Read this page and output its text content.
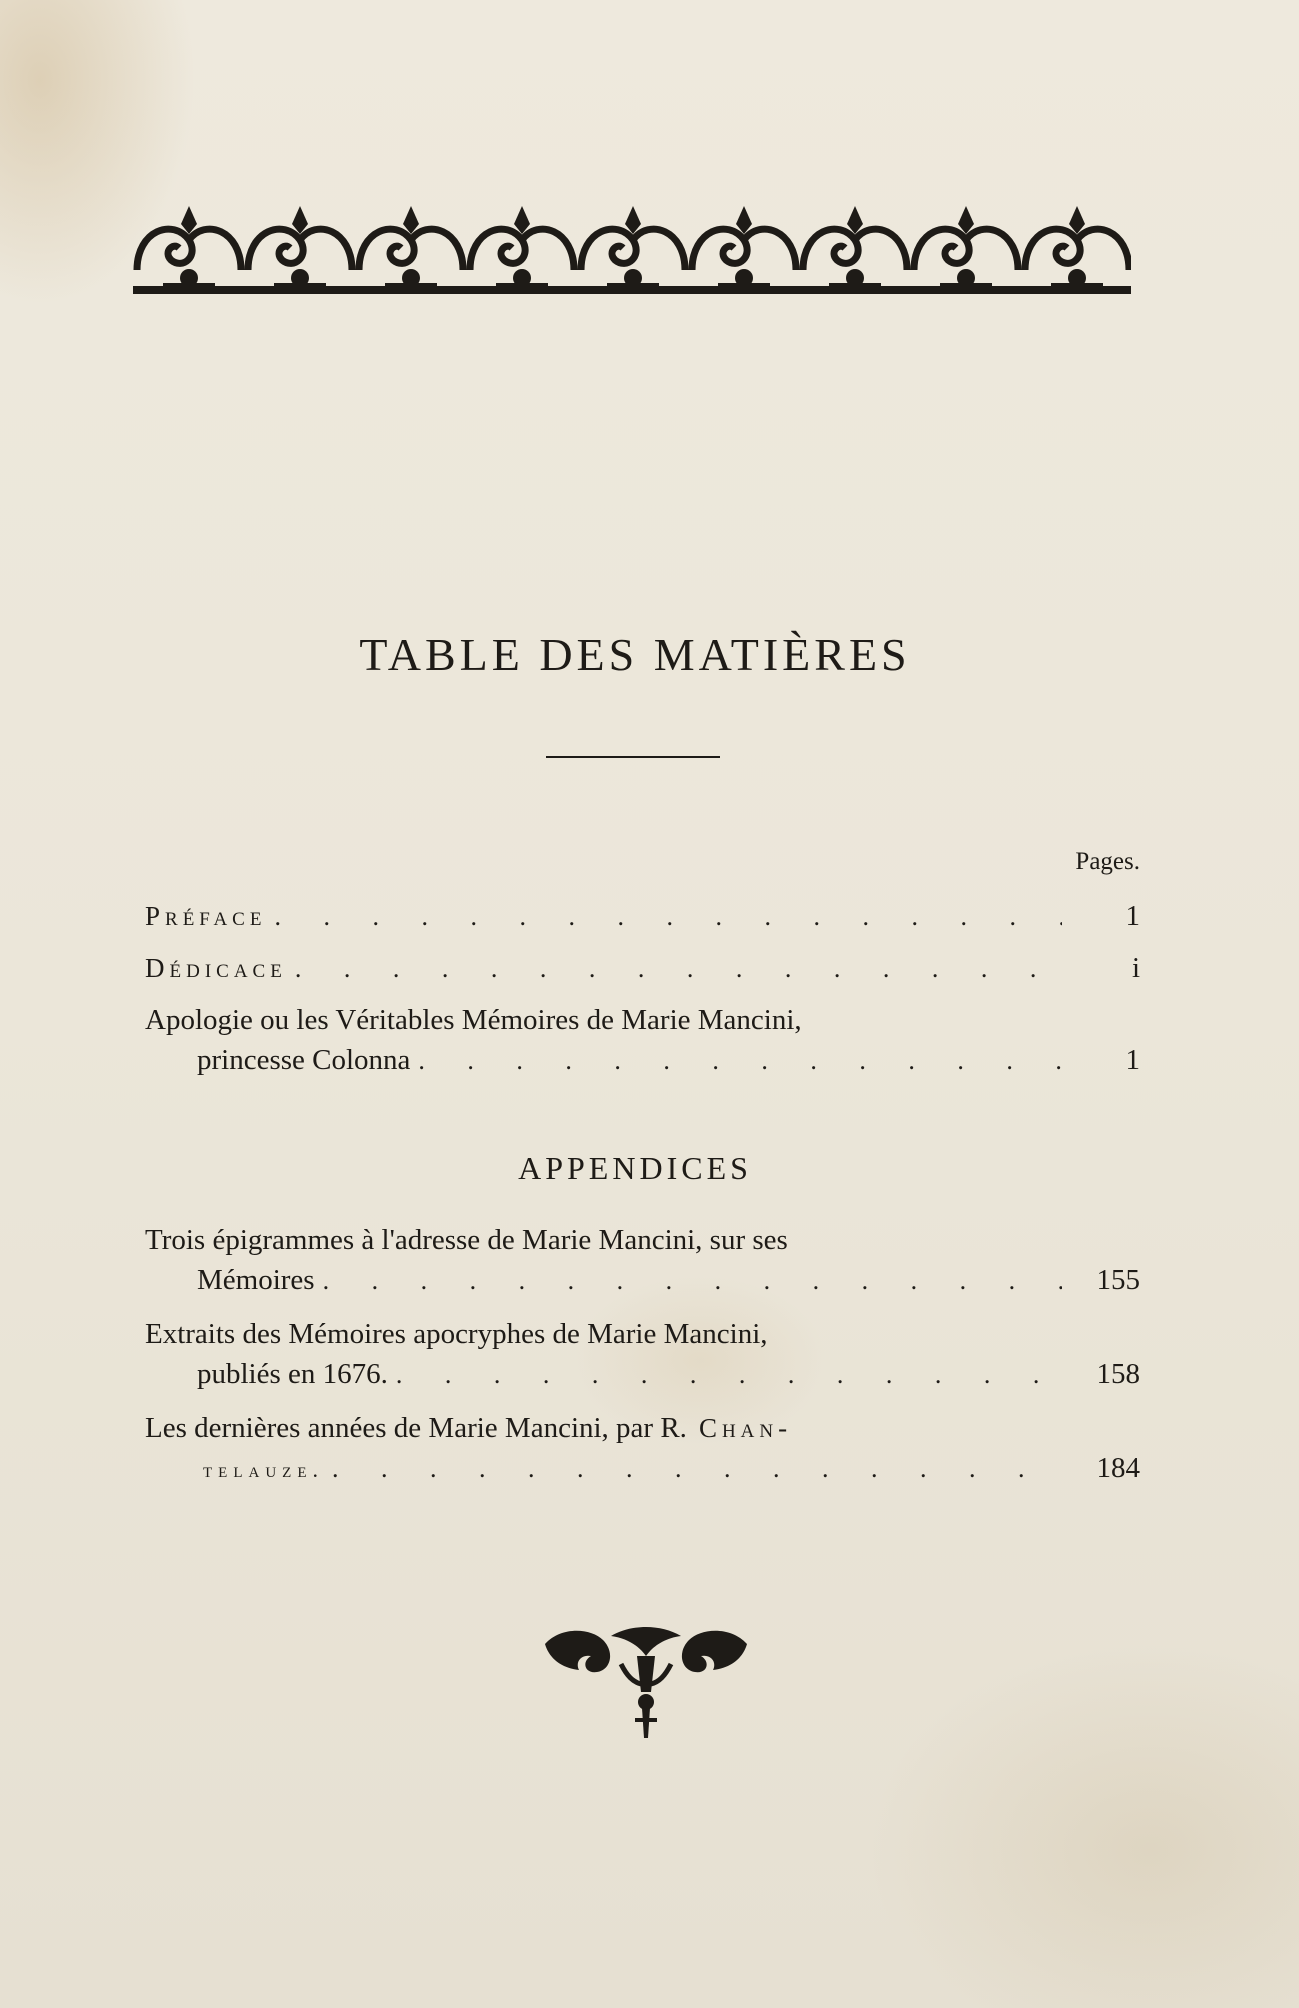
TABLE DES MATIÈRES
Pages.
Préface . . .	1
Dédicace . . .	i
Apologie ou les Véritables Mémoires de Marie Mancini,
princesse Colonna . . .	1
APPENDICES
Trois épigrammes à l'adresse de Marie Mancini, sur ses
Mémoires . . .	155
Extraits des Mémoires apocryphes de Marie Mancini,
publiés en 1676. . . .	158
Les dernières années de Marie Mancini, par R. Chan-
telauze. . . .	184
